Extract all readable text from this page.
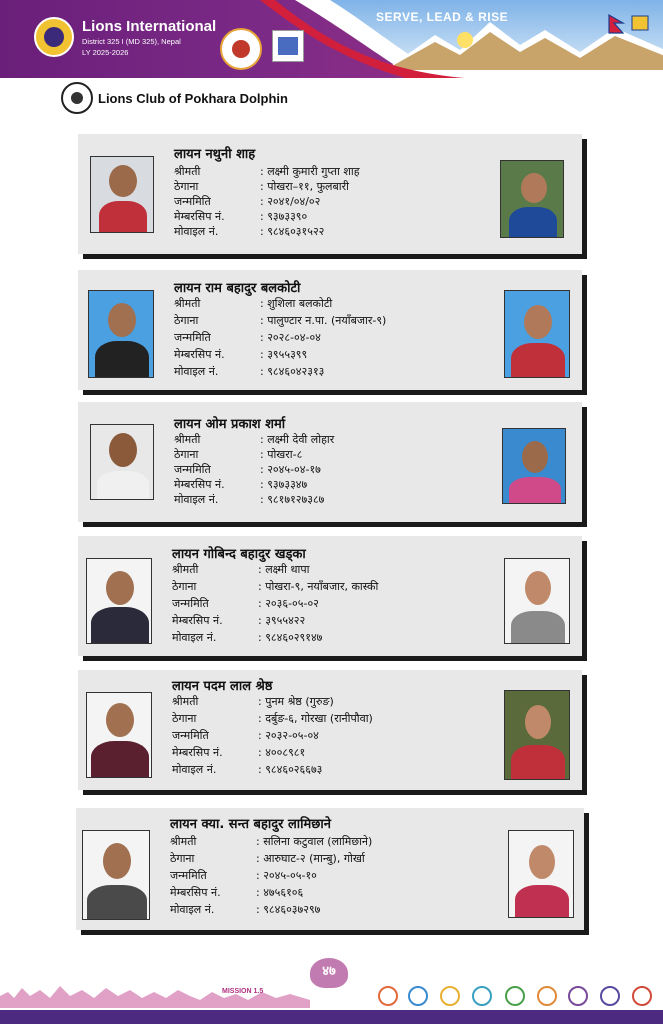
Lions International
District 325 I (MD 325), Nepal
LY 2025-2026
SERVE, LEAD & RISE
Lions Club of Pokhara Dolphin
लायन नथुनी शाह
श्रीमती	: लक्ष्मी कुमारी गुप्ता शाह
ठेगाना	: पोखरा–११, फुलबारी
जन्ममिति	: २०४१/०४/०२
मेम्बरसिप नं.	: ९३७३३९०
मोवाइल नं.	: ९८४६०३१५२२
लायन राम बहादुर बलकोटी
श्रीमती	: शुशिला बलकोटी
ठेगाना	: पालुण्टार न.पा. (नयाँबजार-९)
जन्ममिति	: २०२८-०४-०४
मेम्बरसिप नं.	: ३९५५३९९
मोवाइल नं.	: ९८४६०४२३१३
लायन ओम प्रकाश शर्मा
श्रीमती	: लक्ष्मी देवी लोहार
ठेगाना	: पोखरा-८
जन्ममिति	: २०४५-०४-१७
मेम्बरसिप नं.	: ९३७३३४७
मोवाइल नं.	: ९८१७१२७३८७
लायन गोबिन्द बहादुर खड्का
श्रीमती	: लक्ष्मी थापा
ठेगाना	: पोखरा-९, नयाँबजार, कास्की
जन्ममिति	: २०३६-०५-०२
मेम्बरसिप नं.	: ३९५५४२२
मोवाइल नं.	: ९८४६०२९१४७
लायन पदम लाल श्रेष्ठ
श्रीमती	: पुनम श्रेष्ठ (गुरुङ)
ठेगाना	: दर्बुङ-६, गोरखा (रानीपौवा)
जन्ममिति	: २०३२-०५-०४
मेम्बरसिप नं.	: ४००८९८१
मोवाइल नं.	: ९८४६०२६६७३
लायन क्या. सन्त बहादुर लामिछाने
श्रीमती	: सलिना कटुवाल (लामिछाने)
ठेगाना	: आरुघाट-२ (मान्बु), गोर्खा
जन्ममिति	: २०४५-०५-१०
मेम्बरसिप नं.	: ४७५६१०६
मोवाइल नं.	: ९८४६०३७२९७
MISSION 1.5
४७
